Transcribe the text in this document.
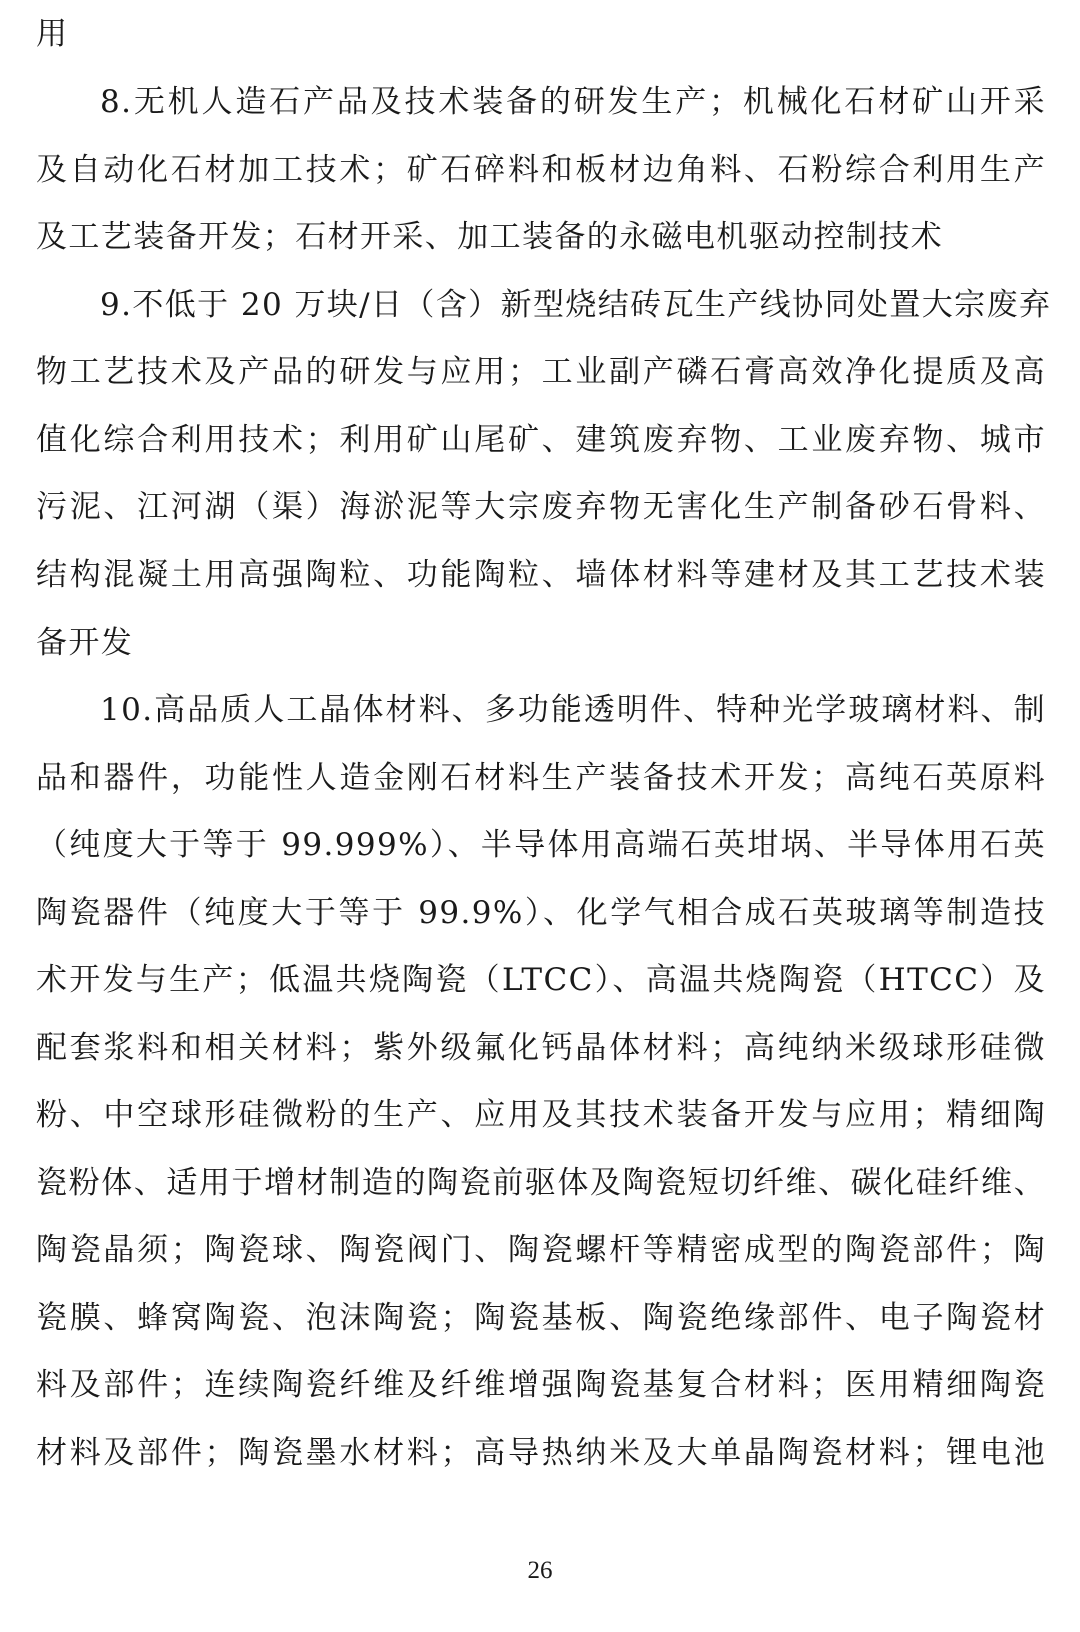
用
8.无机人造石产品及技术装备的研发生产；机械化石材矿山开采
及自动化石材加工技术；矿石碎料和板材边角料、石粉综合利用生产
及工艺装备开发；石材开采、加工装备的永磁电机驱动控制技术
9.不低于 20 万块/日（含）新型烧结砖瓦生产线协同处置大宗废弃
物工艺技术及产品的研发与应用；工业副产磷石膏高效净化提质及高
值化综合利用技术；利用矿山尾矿、建筑废弃物、工业废弃物、城市
污泥、江河湖（渠）海淤泥等大宗废弃物无害化生产制备砂石骨料、
结构混凝土用高强陶粒、功能陶粒、墙体材料等建材及其工艺技术装
备开发
10.高品质人工晶体材料、多功能透明件、特种光学玻璃材料、制
品和器件，功能性人造金刚石材料生产装备技术开发；高纯石英原料
（纯度大于等于 99.999%）、半导体用高端石英坩埚、半导体用石英
陶瓷器件（纯度大于等于 99.9%）、化学气相合成石英玻璃等制造技
术开发与生产；低温共烧陶瓷（LTCC）、高温共烧陶瓷（HTCC）及
配套浆料和相关材料；紫外级氟化钙晶体材料；高纯纳米级球形硅微
粉、中空球形硅微粉的生产、应用及其技术装备开发与应用；精细陶
瓷粉体、适用于增材制造的陶瓷前驱体及陶瓷短切纤维、碳化硅纤维、
陶瓷晶须；陶瓷球、陶瓷阀门、陶瓷螺杆等精密成型的陶瓷部件；陶
瓷膜、蜂窝陶瓷、泡沫陶瓷；陶瓷基板、陶瓷绝缘部件、电子陶瓷材
料及部件；连续陶瓷纤维及纤维增强陶瓷基复合材料；医用精细陶瓷
材料及部件；陶瓷墨水材料；高导热纳米及大单晶陶瓷材料；锂电池
26
